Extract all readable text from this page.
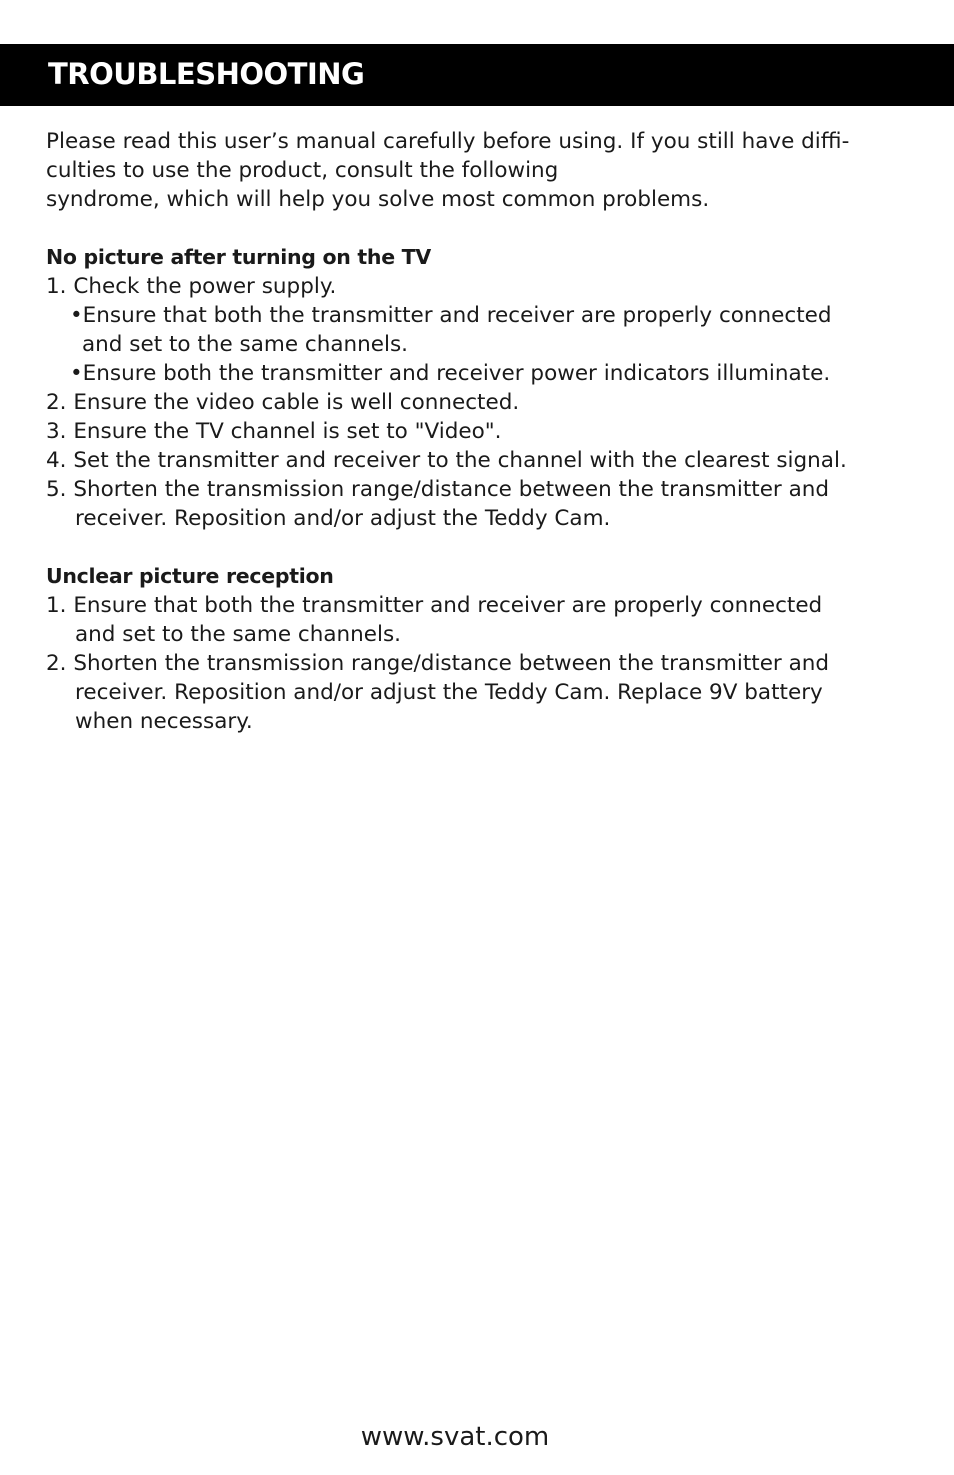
TROUBLESHOOTING
Please read this user’s manual carefully before using. If you still have diffi-
culties to use the product, consult the following
syndrome, which will help you solve most common problems.
No picture after turning on the TV
1. Check the power supply.
•Ensure that both the transmitter and receiver are properly connected
and set to the same channels.
•Ensure both the transmitter and receiver power indicators illuminate.
2. Ensure the video cable is well connected.
3. Ensure the TV channel is set to "Video".
4. Set the transmitter and receiver to the channel with the clearest signal.
5. Shorten the transmission range/distance between the transmitter and
receiver. Reposition and/or adjust the Teddy Cam.
Unclear picture reception
1. Ensure that both the transmitter and receiver are properly connected
and set to the same channels.
2. Shorten the transmission range/distance between the transmitter and
receiver. Reposition and/or adjust the Teddy Cam. Replace 9V battery
when necessary.
www.svat.com
